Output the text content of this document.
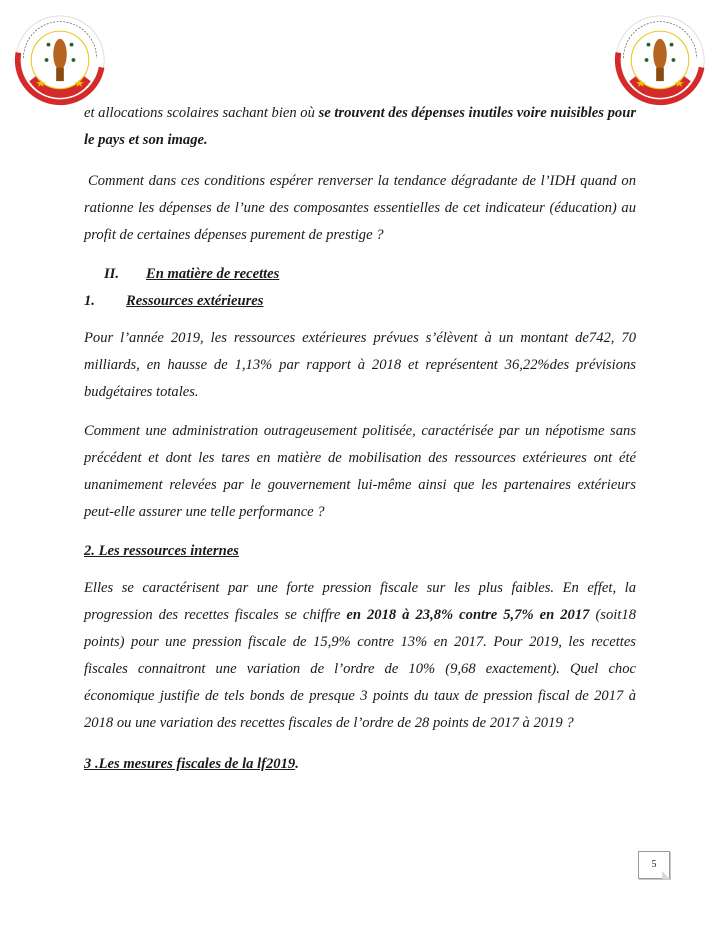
et allocations scolaires sachant bien où se trouvent des dépenses inutiles voire nuisibles pour le pays et son image.

Comment dans ces conditions espérer renverser la tendance dégradante de l’IDH quand on rationne les dépenses de l’une des composantes essentielles de cet indicateur (éducation) au profit de certaines dépenses purement de prestige ?

II. En matière de recettes
1. Ressources extérieures

Pour l’année 2019, les ressources extérieures prévues s’élèvent à un montant de742, 70 milliards, en hausse de 1,13% par rapport à 2018 et représentent 36,22%des prévisions budgétaires totales.

Comment une administration outrageusement politisée, caractérisée par un népotisme sans précédent et dont les tares en matière de mobilisation des ressources extérieures ont été unanimement relevées par le gouvernement lui-même ainsi que les partenaires extérieurs peut-elle assurer une telle performance ?

2. Les ressources internes

Elles se caractérisent par une forte pression fiscale sur les plus faibles. En effet, la progression des recettes fiscales se chiffre en 2018 à 23,8% contre 5,7% en 2017 (soit18 points) pour une pression fiscale de 15,9% contre 13% en 2017. Pour 2019, les recettes fiscales connaitront une variation de l’ordre de 10% (9,68 exactement). Quel choc économique justifie de tels bonds de presque 3 points du taux de pression fiscal de 2017 à 2018 ou une variation des recettes fiscales de l’ordre de 28 points de 2017 à 2019 ?

3 .Les mesures fiscales de la lf2019.
5
